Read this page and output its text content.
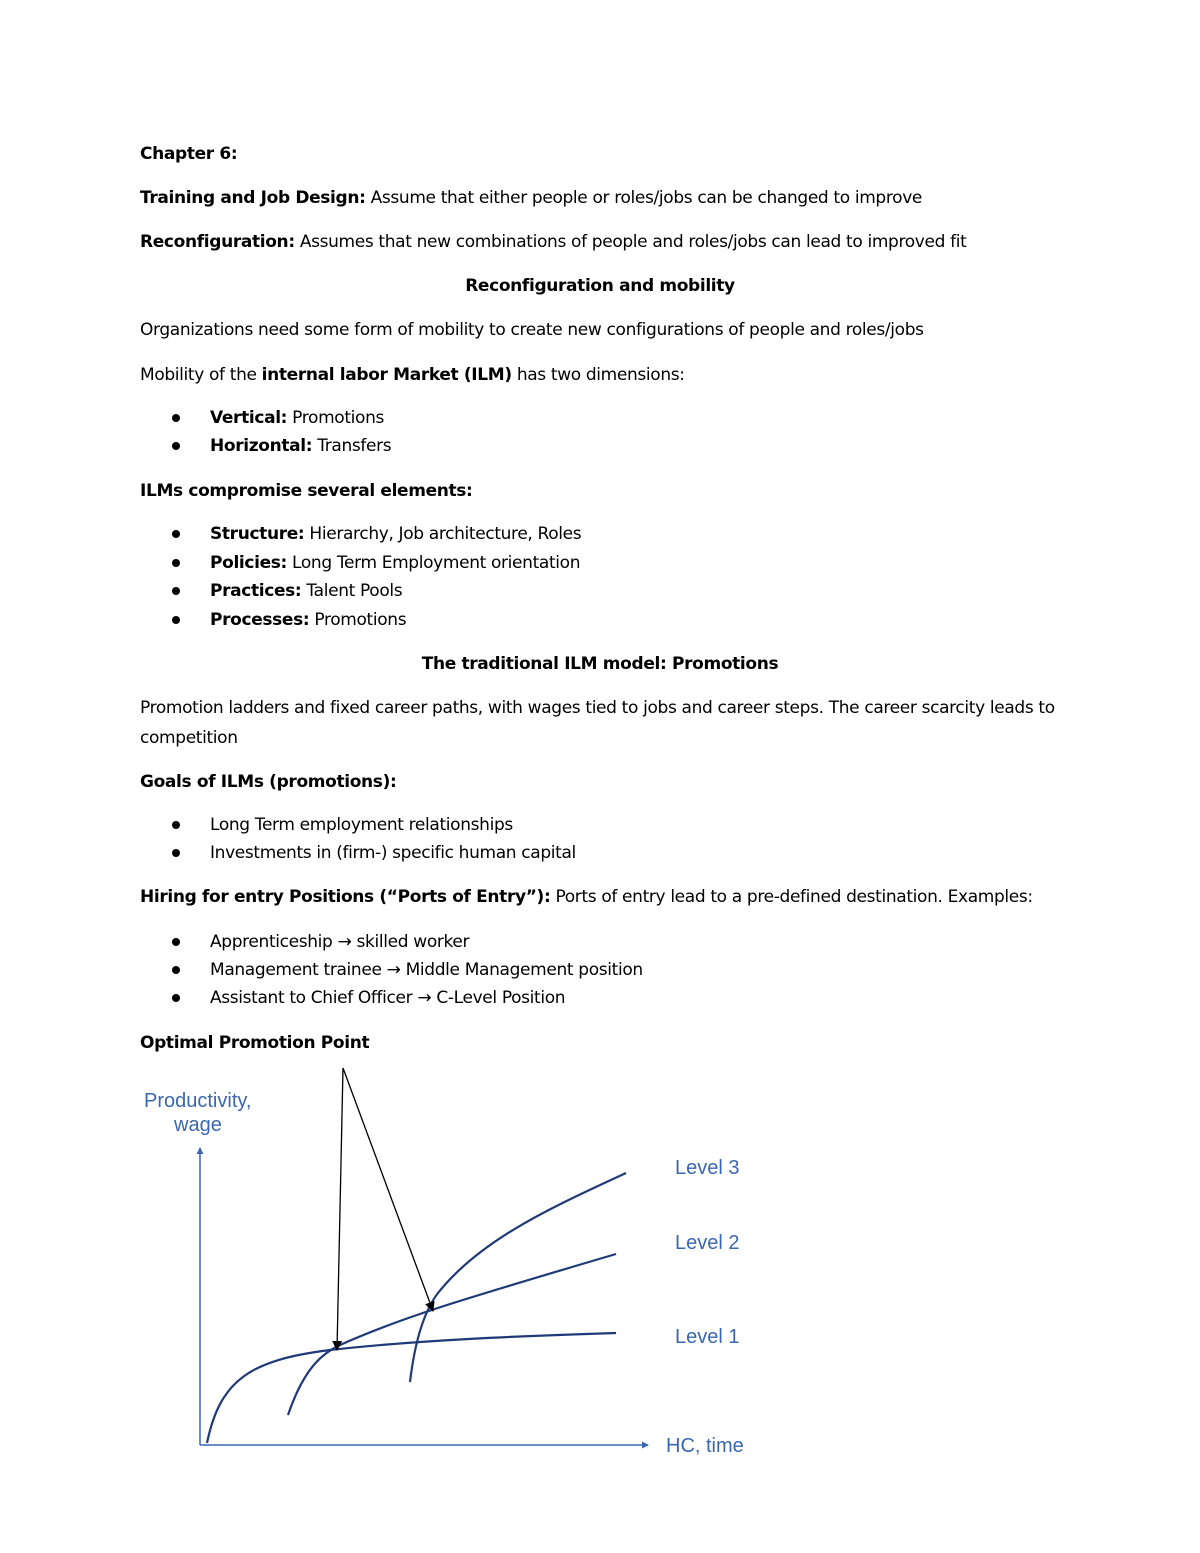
Chapter 6:
Training and Job Design: Assume that either people or roles/jobs can be changed to improve
Reconfiguration: Assumes that new combinations of people and roles/jobs can lead to improved fit
Reconfiguration and mobility
Organizations need some form of mobility to create new configurations of people and roles/jobs
Mobility of the internal labor Market (ILM) has two dimensions:
Vertical: Promotions
Horizontal: Transfers
ILMs compromise several elements:
Structure: Hierarchy, Job architecture, Roles
Policies: Long Term Employment orientation
Practices: Talent Pools
Processes: Promotions
The traditional ILM model: Promotions
Promotion ladders and fixed career paths, with wages tied to jobs and career steps. The career scarcity leads to competition
Goals of ILMs (promotions):
Long Term employment relationships
Investments in (firm-) specific human capital
Hiring for entry Positions (“Ports of Entry”): Ports of entry lead to a pre-defined destination. Examples:
Apprenticeship → skilled worker
Management trainee → Middle Management position
Assistant to Chief Officer → C-Level Position
Optimal Promotion Point
Productivity,
wage
HC, time
Level 3
Level 2
Level 1
